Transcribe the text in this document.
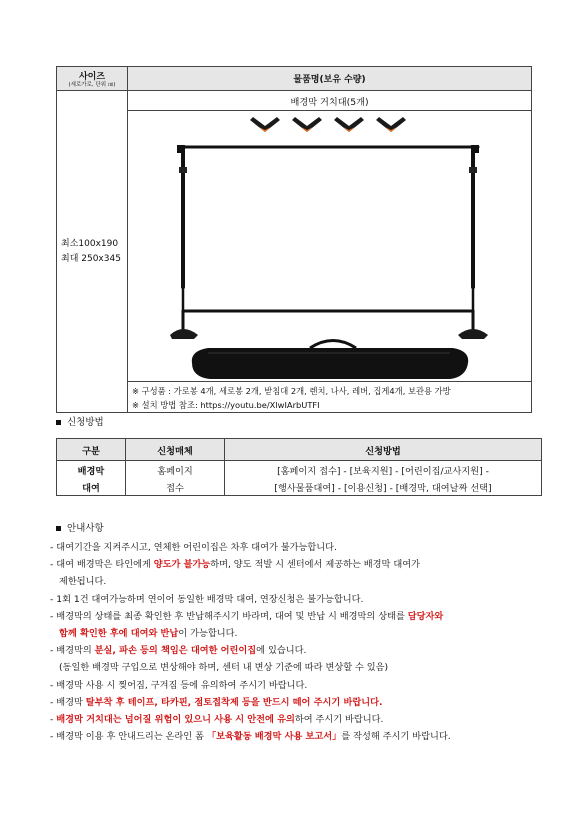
사이즈
(세로가로, 단위 ㎝)	물품명(보유 수량)

최소100x190
최대 250x345	배경막 거치대(5개)

	※ 구성품 : 가로봉 4개, 세로봉 2개, 받침대 2개, 렌치, 나사, 레버, 집게4개, 보관용 가방
※ 설치 방법 참조: https://youtu.be/XlwIArbUTFI
신청방법
구분	신청매체	신청방법
배경막	홈페이지	[홈페이지 접수] - [보육지원] - [어린이집/교사지원] -
대여	접수	[행사물품대여] - [이용신청] - [배경막, 대여날짜 선택]
안내사항
- 대여기간을 지켜주시고, 연체한 어린이집은 차후 대여가 불가능합니다.
- 대여 배경막은 타인에게 양도가 불가능하며, 양도 적발 시 센터에서 제공하는 배경막 대여가
제한됩니다.
- 1회 1건 대여가능하며 연이어 동일한 배경막 대여, 연장신청은 불가능합니다.
- 배경막의 상태를 최종 확인한 후 반납해주시기 바라며, 대여 및 반납 시 배경막의 상태를 담당자와
함께 확인한 후에 대여와 반납이 가능합니다.
- 배경막의 분실, 파손 등의 책임은 대여한 어린이집에 있습니다.
(동일한 배경막 구입으로 변상해야 하며, 센터 내 변상 기준에 따라 변상할 수 있음)
- 배경막 사용 시 찢어짐, 구겨짐 등에 유의하여 주시기 바랍니다.
- 배경막 탈부착 후 테이프, 타카핀, 점토접착제 등을 반드시 떼어 주시기 바랍니다.
- 배경막 거치대는 넘어질 위험이 있으니 사용 시 안전에 유의하여 주시기 바랍니다.
- 배경막 이용 후 안내드리는 온라인 폼 「보육활동 배경막 사용 보고서」를 작성해 주시기 바랍니다.
